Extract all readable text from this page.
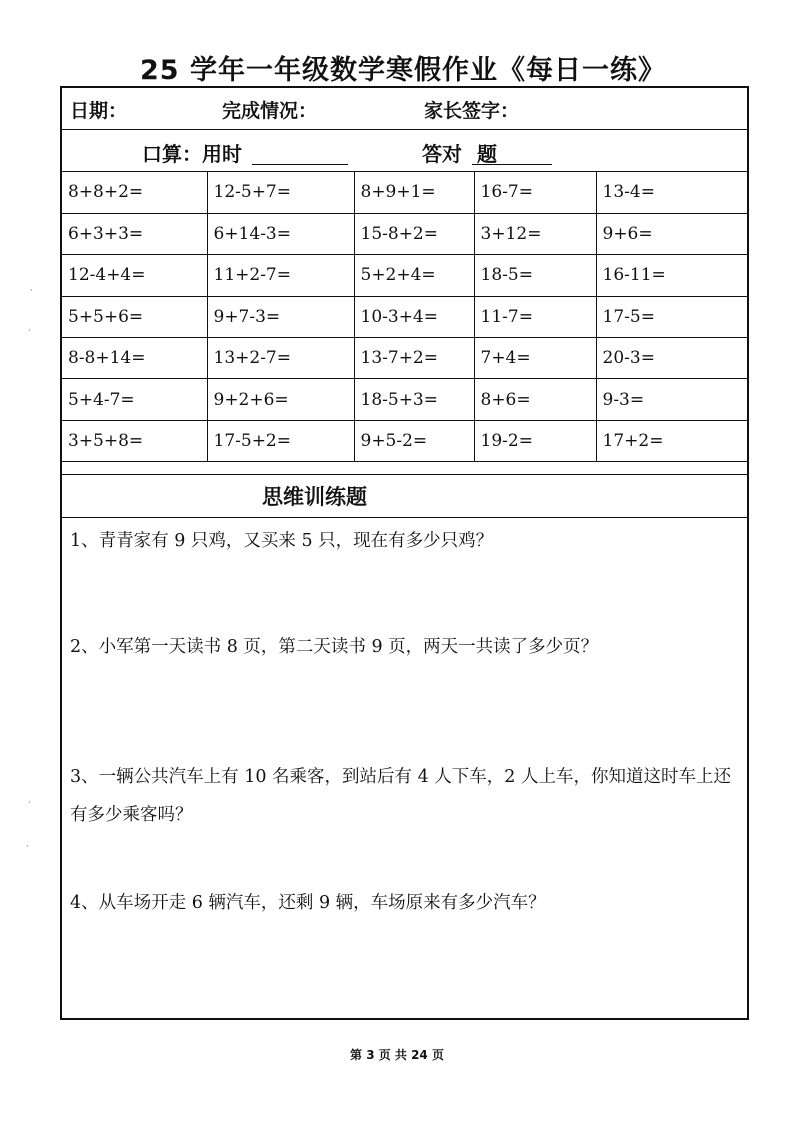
25 学年一年级数学寒假作业《每日一练》
日期：	完成情况：	家长签字：
口算：用时	答对 题
8+8+2=	12-5+7=	8+9+1=	16-7=	13-4=
6+3+3=	6+14-3=	15-8+2=	3+12=	9+6=
12-4+4=	11+2-7=	5+2+4=	18-5=	16-11=
5+5+6=	9+7-3=	10-3+4=	11-7=	17-5=
8-8+14=	13+2-7=	13-7+2=	7+4=	20-3=
5+4-7=	9+2+6=	18-5+3=	8+6=	9-3=
3+5+8=	17-5+2=	9+5-2=	19-2=	17+2=
思维训练题
1、青青家有 9 只鸡，又买来 5 只，现在有多少只鸡？
2、小军第一天读书 8 页，第二天读书 9 页，两天一共读了多少页？
3、一辆公共汽车上有 10 名乘客，到站后有 4 人下车，2 人上车，你知道这时车上还有多少乘客吗？
4、从车场开走 6 辆汽车，还剩 9 辆，车场原来有多少汽车？
第 3 页 共 24 页
·
·
·
·
